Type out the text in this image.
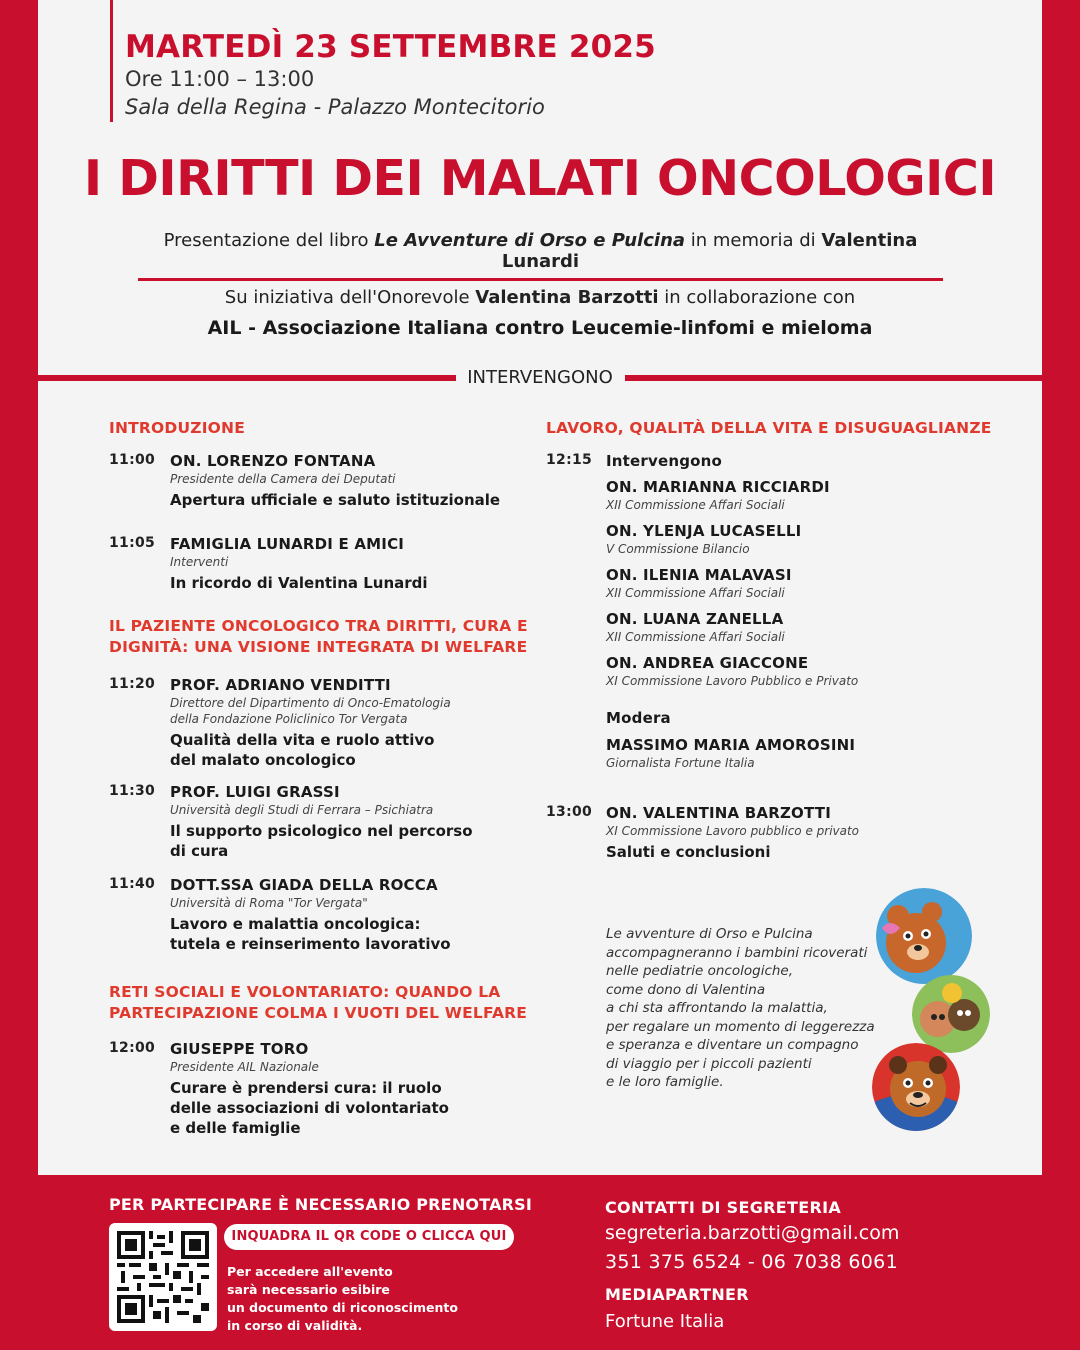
MARTEDÌ 23 SETTEMBRE 2025
Ore 11:00 – 13:00
Sala della Regina - Palazzo Montecitorio
I DIRITTI DEI MALATI ONCOLOGICI
Presentazione del libro Le Avventure di Orso e Pulcina in memoria di Valentina Lunardi
Su iniziativa dell'Onorevole Valentina Barzotti in collaborazione con
AIL - Associazione Italiana contro Leucemie-linfomi e mieloma
INTERVENGONO
INTRODUZIONE
11:00 ON. LORENZO FONTANA
Presidente della Camera dei Deputati
Apertura ufficiale e saluto istituzionale
11:05 FAMIGLIA LUNARDI E AMICI
Interventi
In ricordo di Valentina Lunardi
IL PAZIENTE ONCOLOGICO TRA DIRITTI, CURA E
DIGNITÀ: UNA VISIONE INTEGRATA DI WELFARE
11:20 PROF. ADRIANO VENDITTI
Direttore del Dipartimento di Onco-Ematologia
della Fondazione Policlinico Tor Vergata
Qualità della vita e ruolo attivo
del malato oncologico
11:30 PROF. LUIGI GRASSI
Università degli Studi di Ferrara – Psichiatra
Il supporto psicologico nel percorso
di cura
11:40 DOTT.SSA GIADA DELLA ROCCA
Università di Roma "Tor Vergata"
Lavoro e malattia oncologica:
tutela e reinserimento lavorativo
RETI SOCIALI E VOLONTARIATO: QUANDO LA
PARTECIPAZIONE COLMA I VUOTI DEL WELFARE
12:00 GIUSEPPE TORO
Presidente AIL Nazionale
Curare è prendersi cura: il ruolo
delle associazioni di volontariato
e delle famiglie
LAVORO, QUALITÀ DELLA VITA E DISUGUAGLIANZE
12:15 Intervengono
ON. MARIANNA RICCIARDI
XII Commissione Affari Sociali
ON. YLENJA LUCASELLI
V Commissione Bilancio
ON. ILENIA MALAVASI
XII Commissione Affari Sociali
ON. LUANA ZANELLA
XII Commissione Affari Sociali
ON. ANDREA GIACCONE
XI Commissione Lavoro Pubblico e Privato
Modera
MASSIMO MARIA AMOROSINI
Giornalista Fortune Italia
13:00 ON. VALENTINA BARZOTTI
XI Commissione Lavoro pubblico e privato
Saluti e conclusioni
Le avventure di Orso e Pulcina
accompagneranno i bambini ricoverati
nelle pediatrie oncologiche,
come dono di Valentina
a chi sta affrontando la malattia,
per regalare un momento di leggerezza
e speranza e diventare un compagno
di viaggio per i piccoli pazienti
e le loro famiglie.
PER PARTECIPARE È NECESSARIO PRENOTARSI
INQUADRA IL QR CODE O CLICCA QUI
Per accedere all'evento
sarà necessario esibire
un documento di riconoscimento
in corso di validità.
CONTATTI DI SEGRETERIA
segreteria.barzotti@gmail.com
351 375 6524 - 06 7038 6061
MEDIAPARTNER
Fortune Italia
